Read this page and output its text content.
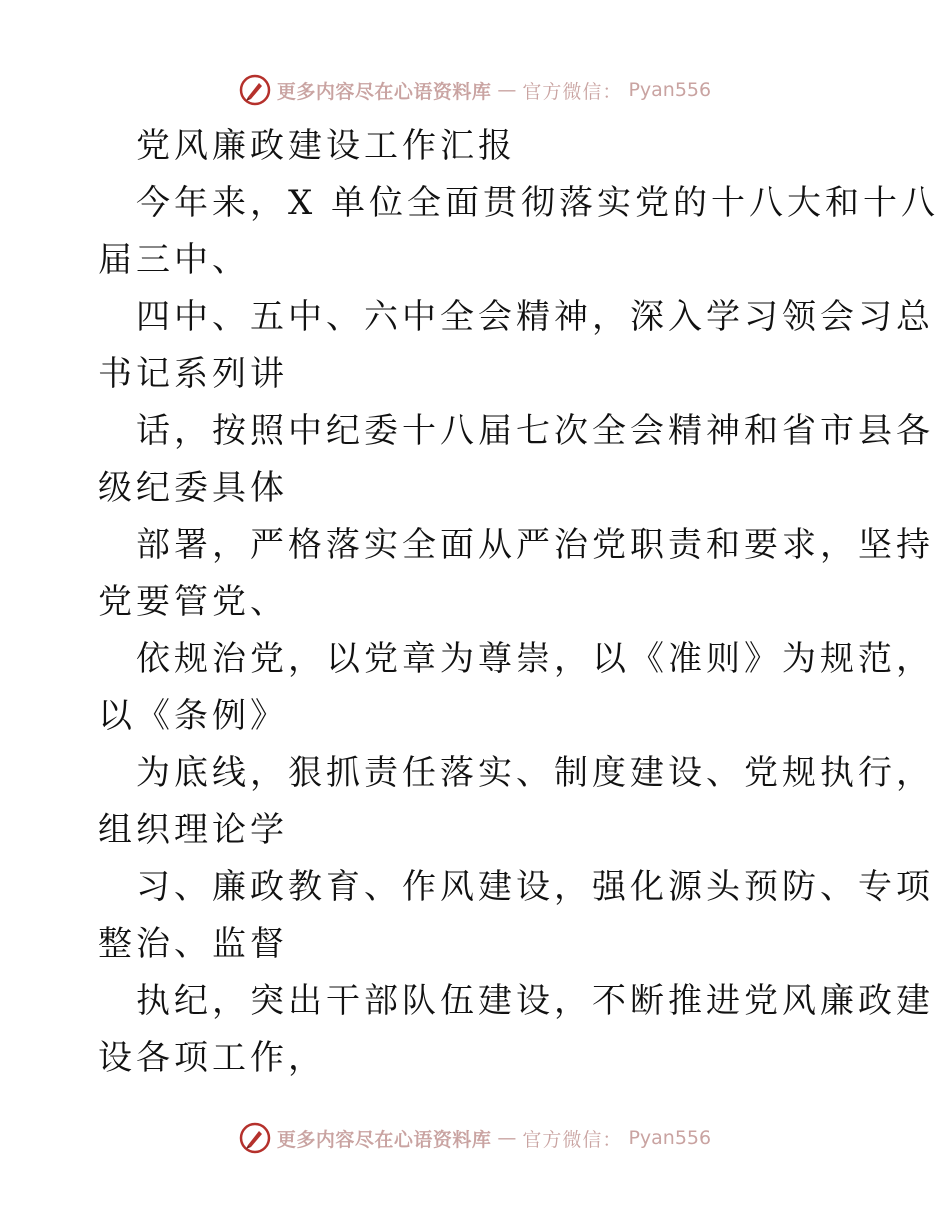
更多内容尽在心语资料库 — 官方微信： Pyan556
党风廉政建设工作汇报
今年来，X 单位全面贯彻落实党的十八大和十八
届三中、
四中、五中、六中全会精神，深入学习领会习总
书记系列讲
话，按照中纪委十八届七次全会精神和省市县各
级纪委具体
部署，严格落实全面从严治党职责和要求，坚持
党要管党、
依规治党，以党章为尊崇，以《准则》为规范，
以《条例》
为底线，狠抓责任落实、制度建设、党规执行，
组织理论学
习、廉政教育、作风建设，强化源头预防、专项
整治、监督
执纪，突出干部队伍建设，不断推进党风廉政建
设各项工作，
更多内容尽在心语资料库 — 官方微信： Pyan556
